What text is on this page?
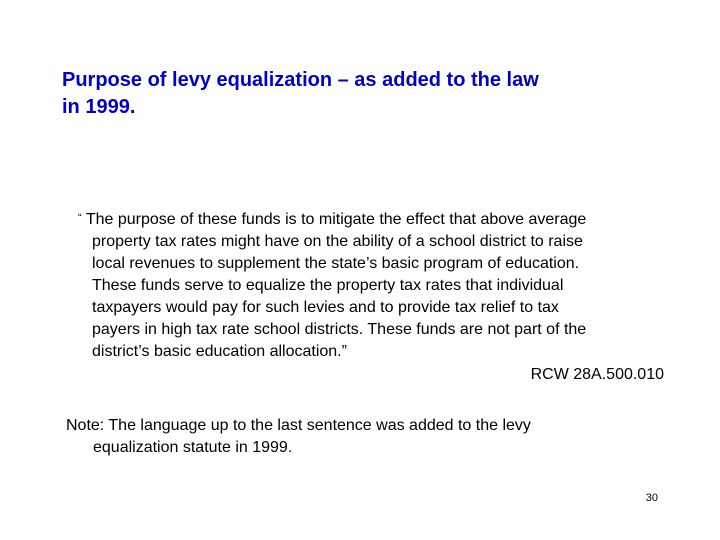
Purpose of levy equalization – as added to the law
in 1999.
“ The purpose of these funds is to mitigate the effect that above average
property tax rates might have on the ability of a school district to raise
local revenues to supplement the state’s basic program of education.
These funds serve to equalize the property tax rates that individual
taxpayers would pay for such levies and to provide tax relief to tax
payers in high tax rate school districts. These funds are not part of the
district’s basic education allocation.”
RCW 28A.500.010
Note: The language up to the last sentence was added to the levy
equalization statute in 1999.
30
